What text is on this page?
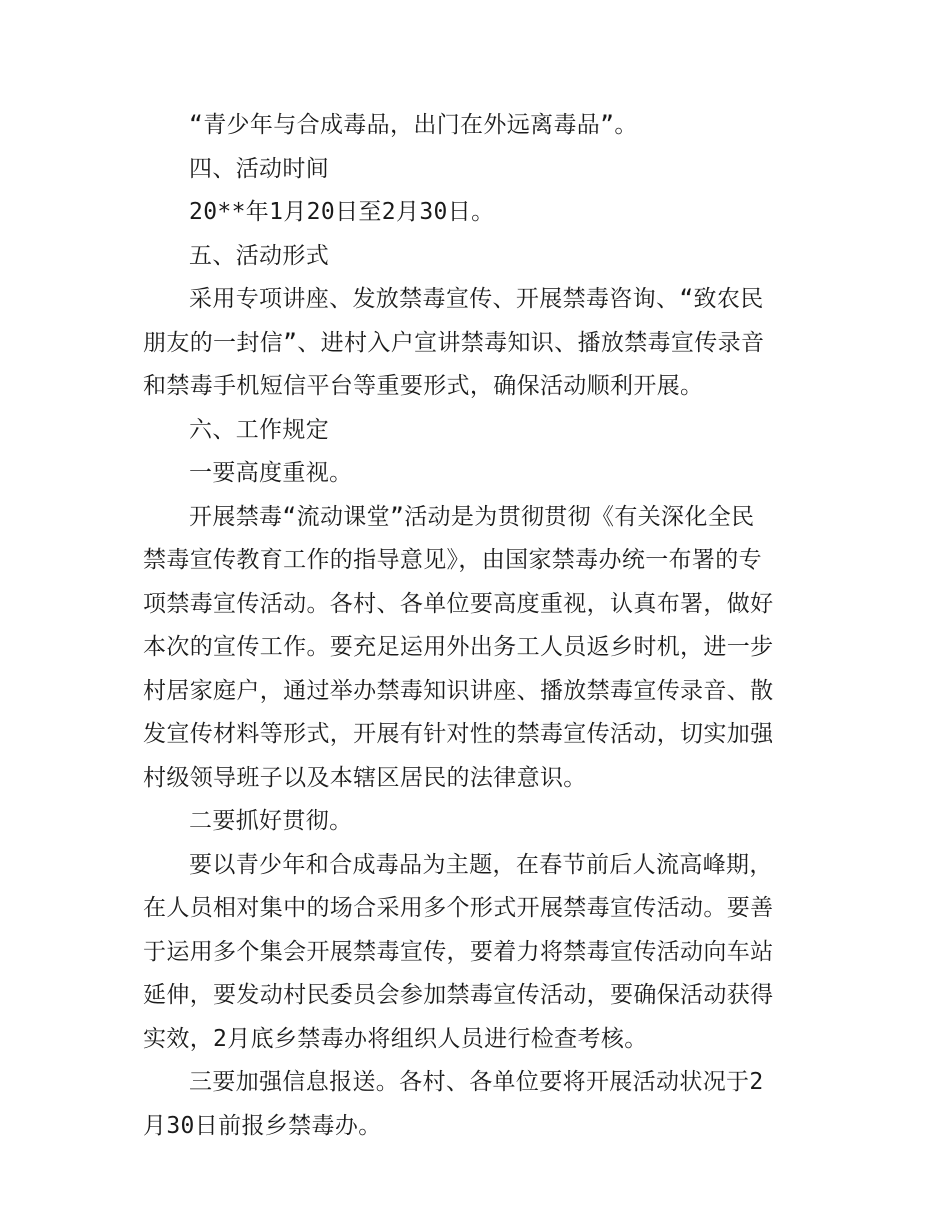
“青少年与合成毒品，出门在外远离毒品”。
四、活动时间
20**年1月20日至2月30日。
五、活动形式
采用专项讲座、发放禁毒宣传、开展禁毒咨询、“致农民
朋友的一封信”、进村入户宣讲禁毒知识、播放禁毒宣传录音
和禁毒手机短信平台等重要形式，确保活动顺利开展。
六、工作规定
一要高度重视。
开展禁毒“流动课堂”活动是为贯彻贯彻《有关深化全民
禁毒宣传教育工作的指导意见》，由国家禁毒办统一布署的专
项禁毒宣传活动。各村、各单位要高度重视，认真布署，做好
本次的宣传工作。要充足运用外出务工人员返乡时机，进一步
村居家庭户，通过举办禁毒知识讲座、播放禁毒宣传录音、散
发宣传材料等形式，开展有针对性的禁毒宣传活动，切实加强
村级领导班子以及本辖区居民的法律意识。
二要抓好贯彻。
要以青少年和合成毒品为主题，在春节前后人流高峰期，
在人员相对集中的场合采用多个形式开展禁毒宣传活动。要善
于运用多个集会开展禁毒宣传，要着力将禁毒宣传活动向车站
延伸，要发动村民委员会参加禁毒宣传活动，要确保活动获得
实效，2月底乡禁毒办将组织人员进行检查考核。
三要加强信息报送。各村、各单位要将开展活动状况于2
月30日前报乡禁毒办。
